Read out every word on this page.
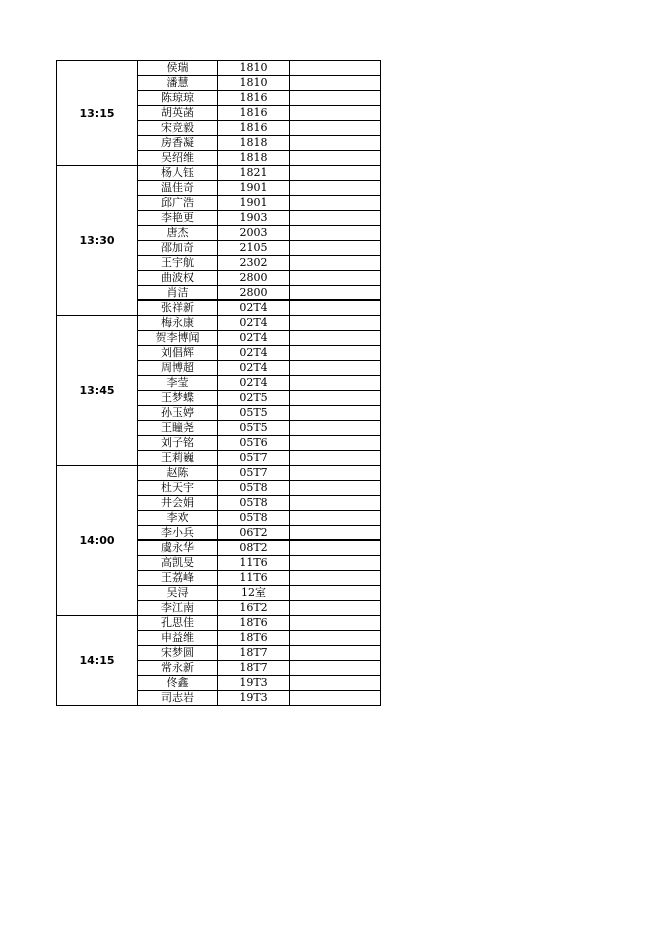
13:15
侯瑞	1810
潘慧	1810
陈琼琼	1816
胡英菡	1816
宋竞毅	1816
房香凝	1818
吴绍维	1818
13:30
杨人钰	1821
温佳奇	1901
邱广浩	1901
李艳更	1903
唐杰	2003
邵加奇	2105
王宇航	2302
曲波权	2800
肖洁	2800
张祥新	02T4
13:45
梅永康	02T4
贺李博闻	02T4
刘倡辉	02T4
周博超	02T4
李莹	02T4
王梦蝶	02T5
孙玉婷	05T5
王瞳尧	05T5
刘子铭	05T6
王莉巍	05T7
14:00
赵陈	05T7
杜天宇	05T8
井会娟	05T8
李欢	05T8
李小兵	06T2
虞永华	08T2
高凯旻	11T6
王荔峰	11T6
吴浔	12室
李江南	16T2
14:15
孔思佳	18T6
申益维	18T6
宋梦圆	18T7
常永新	18T7
佟鑫	19T3
司志岩	19T3
